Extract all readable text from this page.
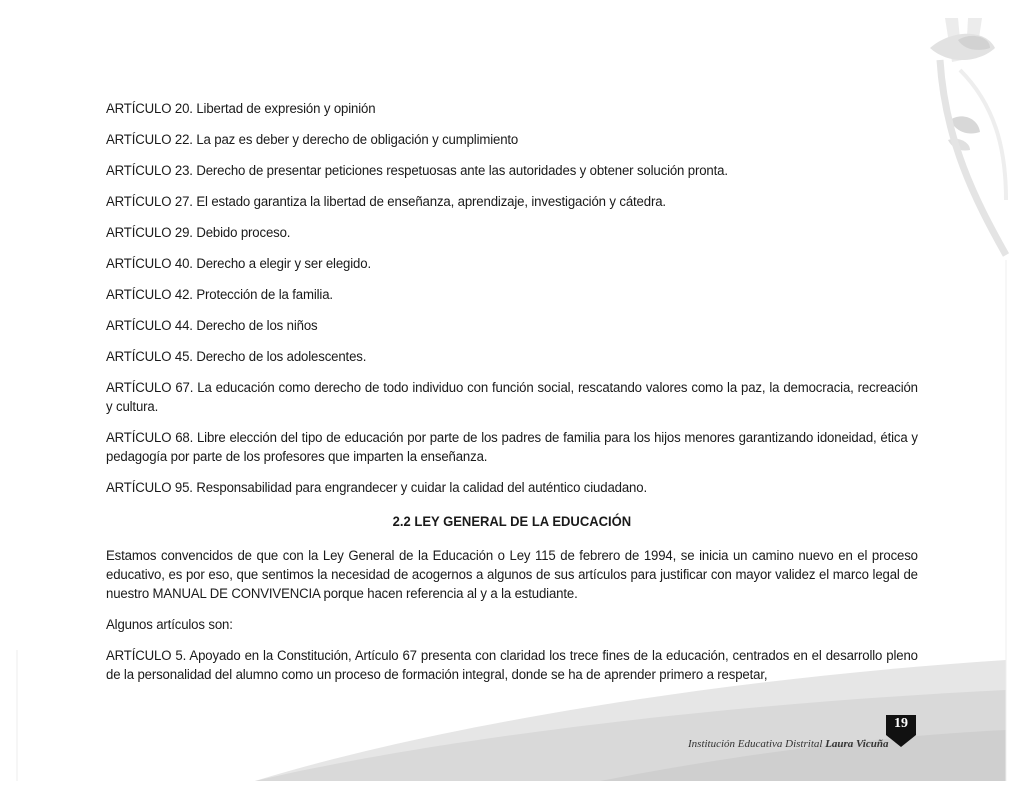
ARTÍCULO 20. Libertad de expresión y opinión

ARTÍCULO 22. La paz es deber y derecho de obligación y cumplimiento

ARTÍCULO 23. Derecho de presentar peticiones respetuosas ante las autoridades y obtener solución pronta.

ARTÍCULO 27. El estado garantiza la libertad de enseñanza, aprendizaje, investigación y cátedra.

ARTÍCULO 29. Debido proceso.

ARTÍCULO 40. Derecho a elegir y ser elegido.

ARTÍCULO 42. Protección de la familia.

ARTÍCULO 44. Derecho de los niños

ARTÍCULO 45. Derecho de los adolescentes.

ARTÍCULO 67. La educación como derecho de todo individuo con función social, rescatando valores como la paz, la democracia, recreación y cultura.

ARTÍCULO 68. Libre elección del tipo de educación por parte de los padres de familia para los hijos menores garantizando idoneidad, ética y pedagogía por parte de los profesores que imparten la enseñanza.

ARTÍCULO 95. Responsabilidad para engrandecer y cuidar la calidad del auténtico ciudadano.

2.2 LEY GENERAL DE LA EDUCACIÓN

Estamos convencidos de que con la Ley General de la Educación o Ley 115 de febrero de 1994, se inicia un camino nuevo en el proceso educativo, es por eso, que sentimos la necesidad de acogernos a algunos de sus artículos para justificar con mayor validez el marco legal de nuestro MANUAL DE CONVIVENCIA porque hacen referencia al y a la estudiante.

Algunos artículos son:

ARTÍCULO 5. Apoyado en la Constitución, Artículo 67 presenta con claridad los trece fines de la educación, centrados en el desarrollo pleno de la personalidad del alumno como un proceso de formación integral, donde se ha de aprender primero a respetar,

Institución Educativa Distrital Laura Vicuña
19
